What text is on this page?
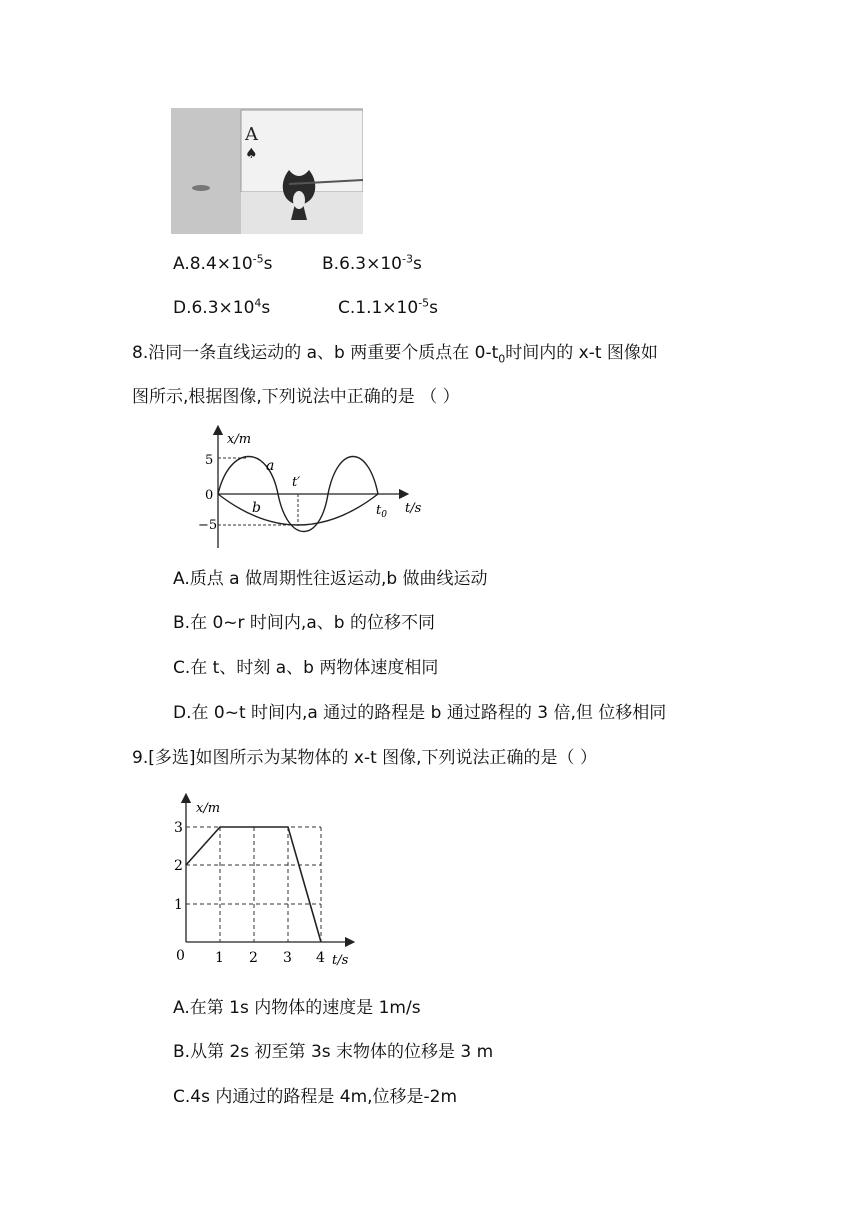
A
♠
$A.8.4\times 10^{-5}s$	$B.6.3\times 10^{-3}s$
$D.6.3\times 10^4s$	$C.1.1\times 10^{-5}s$
8.沿同一条直线运动的 a、b 两重要个质点在 $0-t_0$时间内的 x-t 图像如
图所示,根据图像,下列说法中正确的是 （ ）
x/m
t/s
5
0
−5
a
b
t′
$t_0$
A.质点 a 做周期性往返运动,b 做曲线运动
B.在 0~r 时间内,a、b 的位移不同
C.在 t、时刻 a、b 两物体速度相同
D.在 0~t 时间内,a 通过的路程是 b 通过路程的 3 倍,但 位移相同
9.[多选]如图所示为某物体的 x-t 图像,下列说法正确的是（ ）
x/m
t/s
3
2
1
0 1 2 3 4
A.在第 1s 内物体的速度是 1m/s
B.从第 2s 初至第 3s 末物体的位移是 3 m
C.4s 内通过的路程是 4m,位移是-2m
